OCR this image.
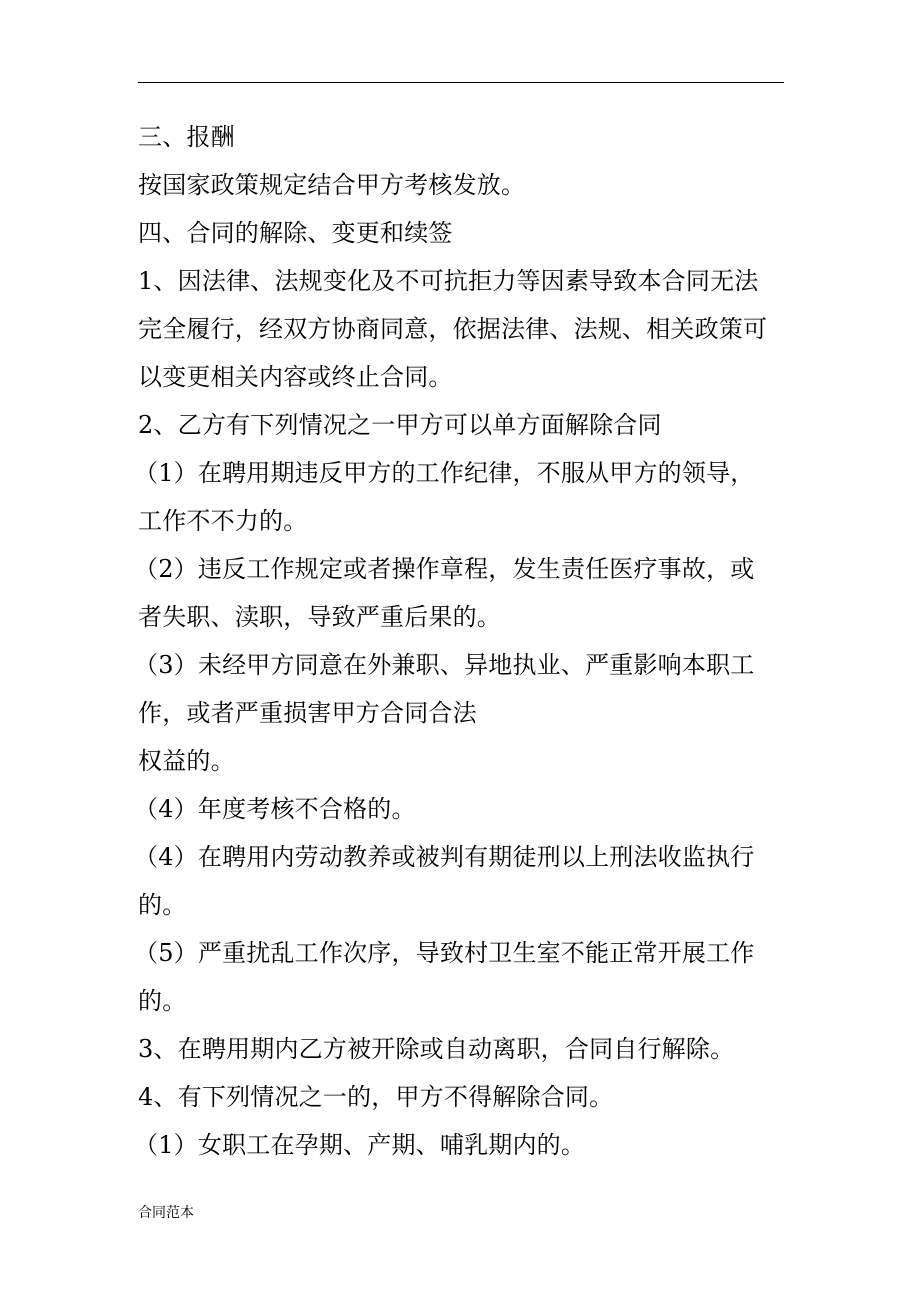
三、报酬
按国家政策规定结合甲方考核发放。
四、合同的解除、变更和续签
1、因法律、法规变化及不可抗拒力等因素导致本合同无法
完全履行，经双方协商同意，依据法律、法规、相关政策可
以变更相关内容或终止合同。
2、乙方有下列情况之一甲方可以单方面解除合同
（1）在聘用期违反甲方的工作纪律，不服从甲方的领导，
工作不不力的。
（2）违反工作规定或者操作章程，发生责任医疗事故，或
者失职、渎职，导致严重后果的。
（3）未经甲方同意在外兼职、异地执业、严重影响本职工
作，或者严重损害甲方合同合法
权益的。
（4）年度考核不合格的。
（4）在聘用内劳动教养或被判有期徒刑以上刑法收监执行
的。
（5）严重扰乱工作次序，导致村卫生室不能正常开展工作
的。
3、在聘用期内乙方被开除或自动离职，合同自行解除。
4、有下列情况之一的，甲方不得解除合同。
（1）女职工在孕期、产期、哺乳期内的。
合同范本
